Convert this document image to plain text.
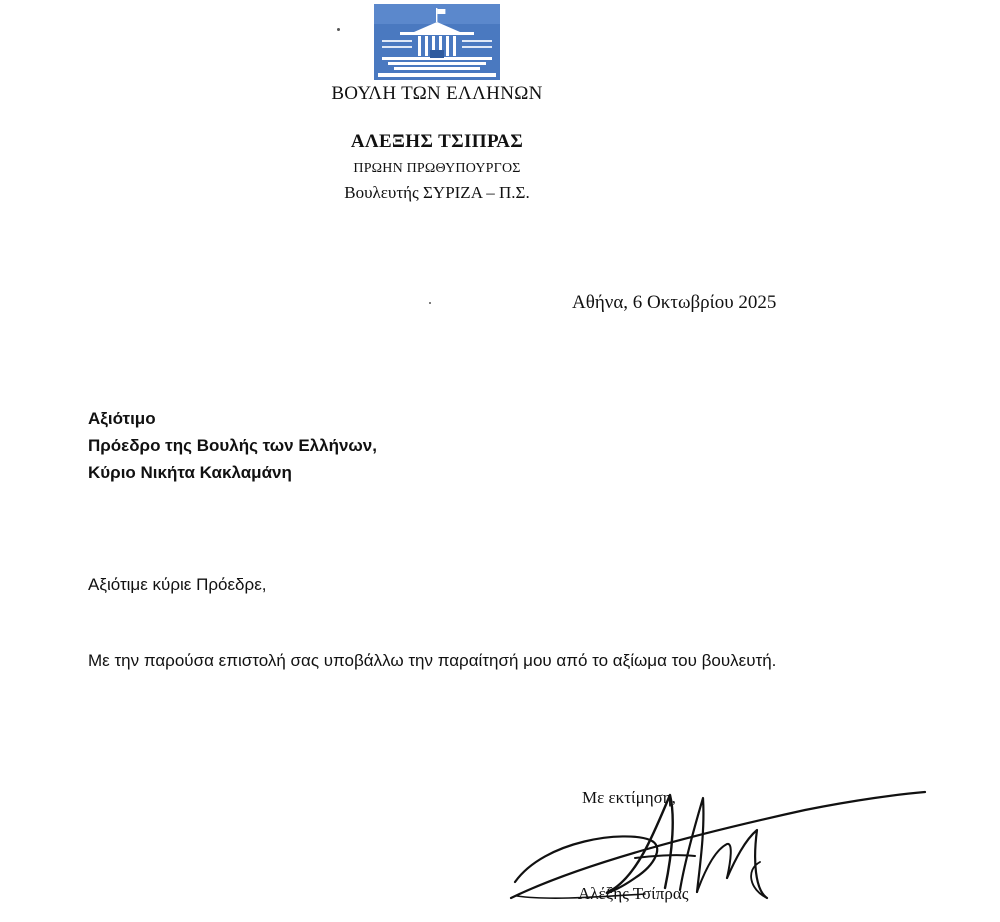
ΒΟΥΛΗ ΤΩΝ ΕΛΛΗΝΩΝ
ΑΛΕΞΗΣ ΤΣΙΠΡΑΣ
ΠΡΩΗΝ ΠΡΩΘΥΠΟΥΡΓΟΣ
Βουλευτής ΣΥΡΙΖΑ – Π.Σ.
Αθήνα, 6 Οκτωβρίου 2025
Αξιότιμο
Πρόεδρο της Βουλής των Ελλήνων,
Κύριο Νικήτα Κακλαμάνη
Αξιότιμε κύριε Πρόεδρε,
Με την παρούσα επιστολή σας υποβάλλω την παραίτησή μου από το αξίωμα του βουλευτή.
Με εκτίμηση,
Αλέξης Τσίπρας
